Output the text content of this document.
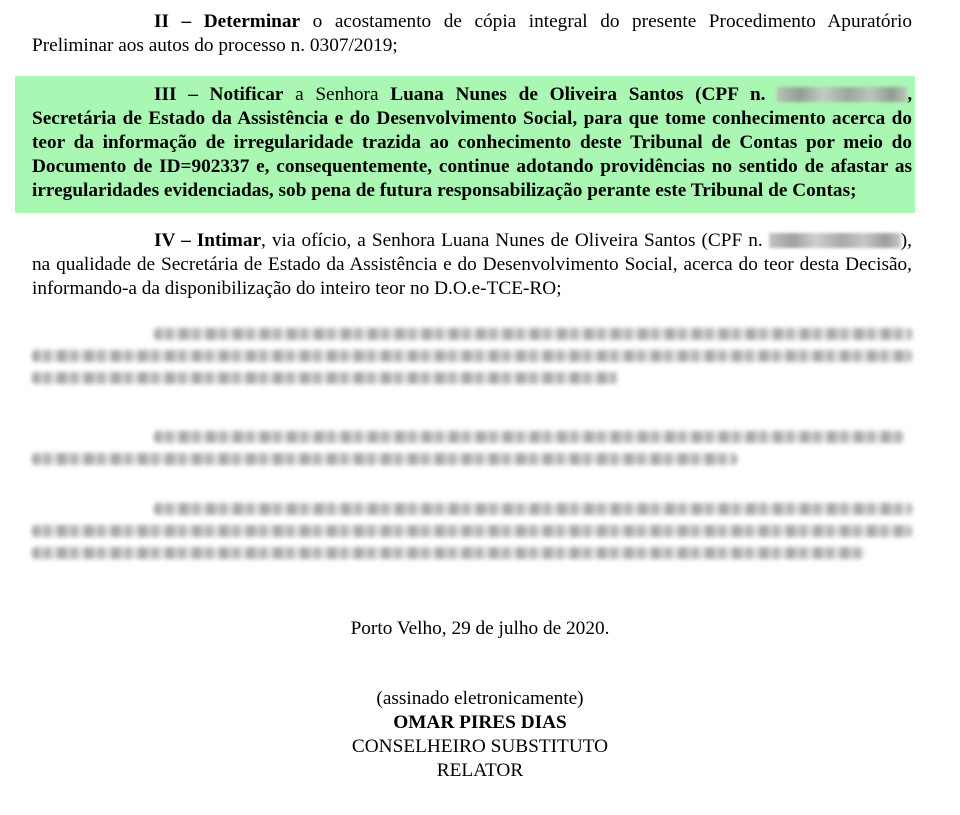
II – Determinar o acostamento de cópia integral do presente Procedimento Apuratório Preliminar aos autos do processo n. 0307/2019;
III – Notificar a Senhora Luana Nunes de Oliveira Santos (CPF n.	, Secretária de Estado da Assistência e do Desenvolvimento Social, para que tome conhecimento acerca do teor da informação de irregularidade trazida ao conhecimento deste Tribunal de Contas por meio do Documento de ID=902337 e, consequentemente, continue adotando providências no sentido de afastar as irregularidades evidenciadas, sob pena de futura responsabilização perante este Tribunal de Contas;
IV – Intimar, via ofício, a Senhora Luana Nunes de Oliveira Santos (CPF n.	), na qualidade de Secretária de Estado da Assistência e do Desenvolvimento Social, acerca do teor desta Decisão, informando-a da disponibilização do inteiro teor no D.O.e-TCE-RO;
Porto Velho, 29 de julho de 2020.
(assinado eletronicamente)
OMAR PIRES DIAS
CONSELHEIRO SUBSTITUTO
RELATOR
